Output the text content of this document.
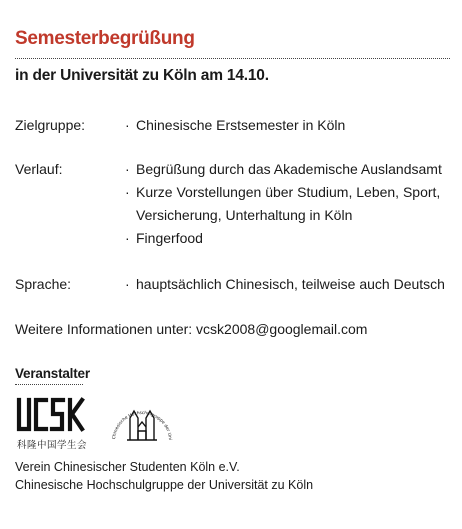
Semesterbegrüßung
in der Universität zu Köln am 14.10.
Zielgruppe:	· Chinesische Erstsemester in Köln
Verlauf:	· Begrüßung durch das Akademische Auslandsamt
· Kurze Vorstellungen über Studium, Leben, Sport,
Versicherung, Unterhaltung in Köln
· Fingerfood
Sprache:	· hauptsächlich Chinesisch, teilweise auch Deutsch
Weitere Informationen unter: vcsk2008@googlemail.com
Veranstalter
科隆中国学生会
Chinesische Hochschulgruppe der Uni
Verein Chinesischer Studenten Köln e.V.
Chinesische Hochschulgruppe der Universität zu Köln
